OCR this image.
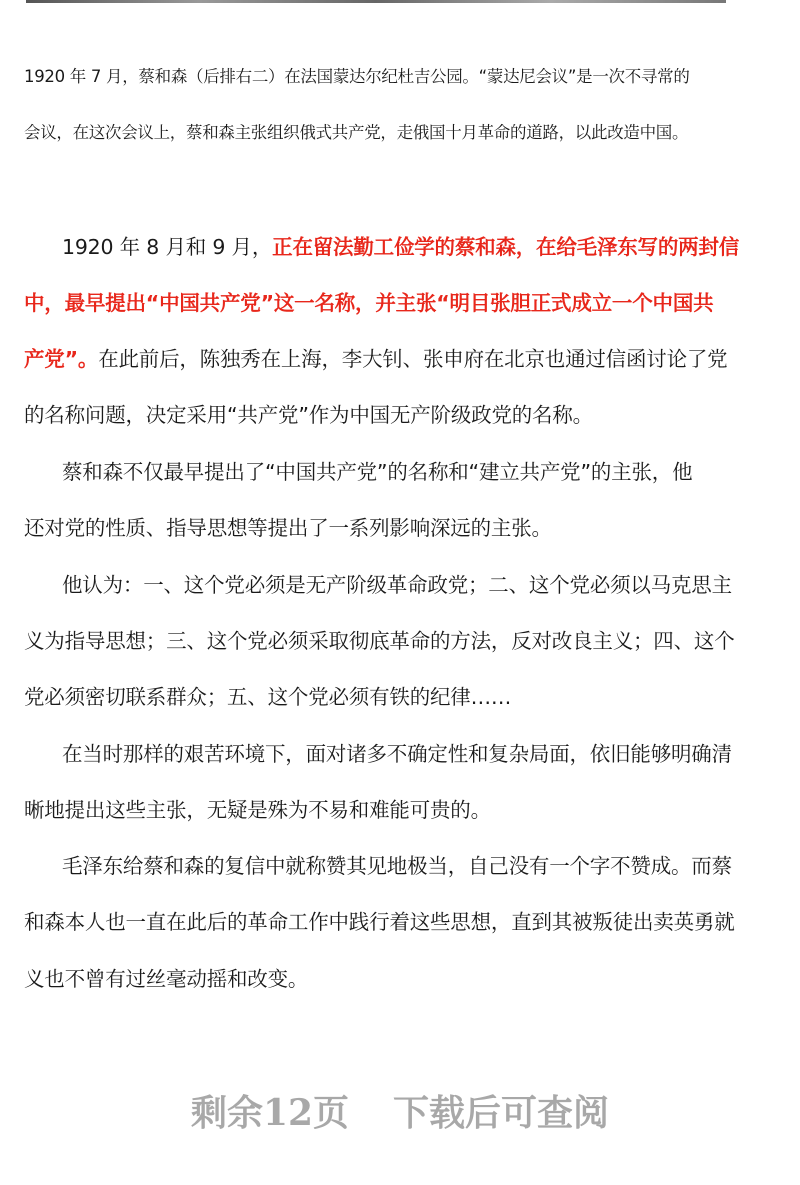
1920 年 7 月，蔡和森（后排右二）在法国蒙达尔纪杜吉公园。“蒙达尼会议”是一次不寻常的
会议，在这次会议上，蔡和森主张组织俄式共产党，走俄国十月革命的道路，以此改造中国。
1920 年 8 月和 9 月，正在留法勤工俭学的蔡和森，在给毛泽东写的两封信
中，最早提出“中国共产党”这一名称，并主张“明目张胆正式成立一个中国共
产党”。在此前后，陈独秀在上海，李大钊、张申府在北京也通过信函讨论了党
的名称问题，决定采用“共产党”作为中国无产阶级政党的名称。
蔡和森不仅最早提出了“中国共产党”的名称和“建立共产党”的主张，他
还对党的性质、指导思想等提出了一系列影响深远的主张。
他认为：一、这个党必须是无产阶级革命政党；二、这个党必须以马克思主
义为指导思想；三、这个党必须采取彻底革命的方法，反对改良主义；四、这个
党必须密切联系群众；五、这个党必须有铁的纪律……
在当时那样的艰苦环境下，面对诸多不确定性和复杂局面，依旧能够明确清
晰地提出这些主张，无疑是殊为不易和难能可贵的。
毛泽东给蔡和森的复信中就称赞其见地极当，自己没有一个字不赞成。而蔡
和森本人也一直在此后的革命工作中践行着这些思想，直到其被叛徒出卖英勇就
义也不曾有过丝毫动摇和改变。
剩余12页 下载后可查阅
